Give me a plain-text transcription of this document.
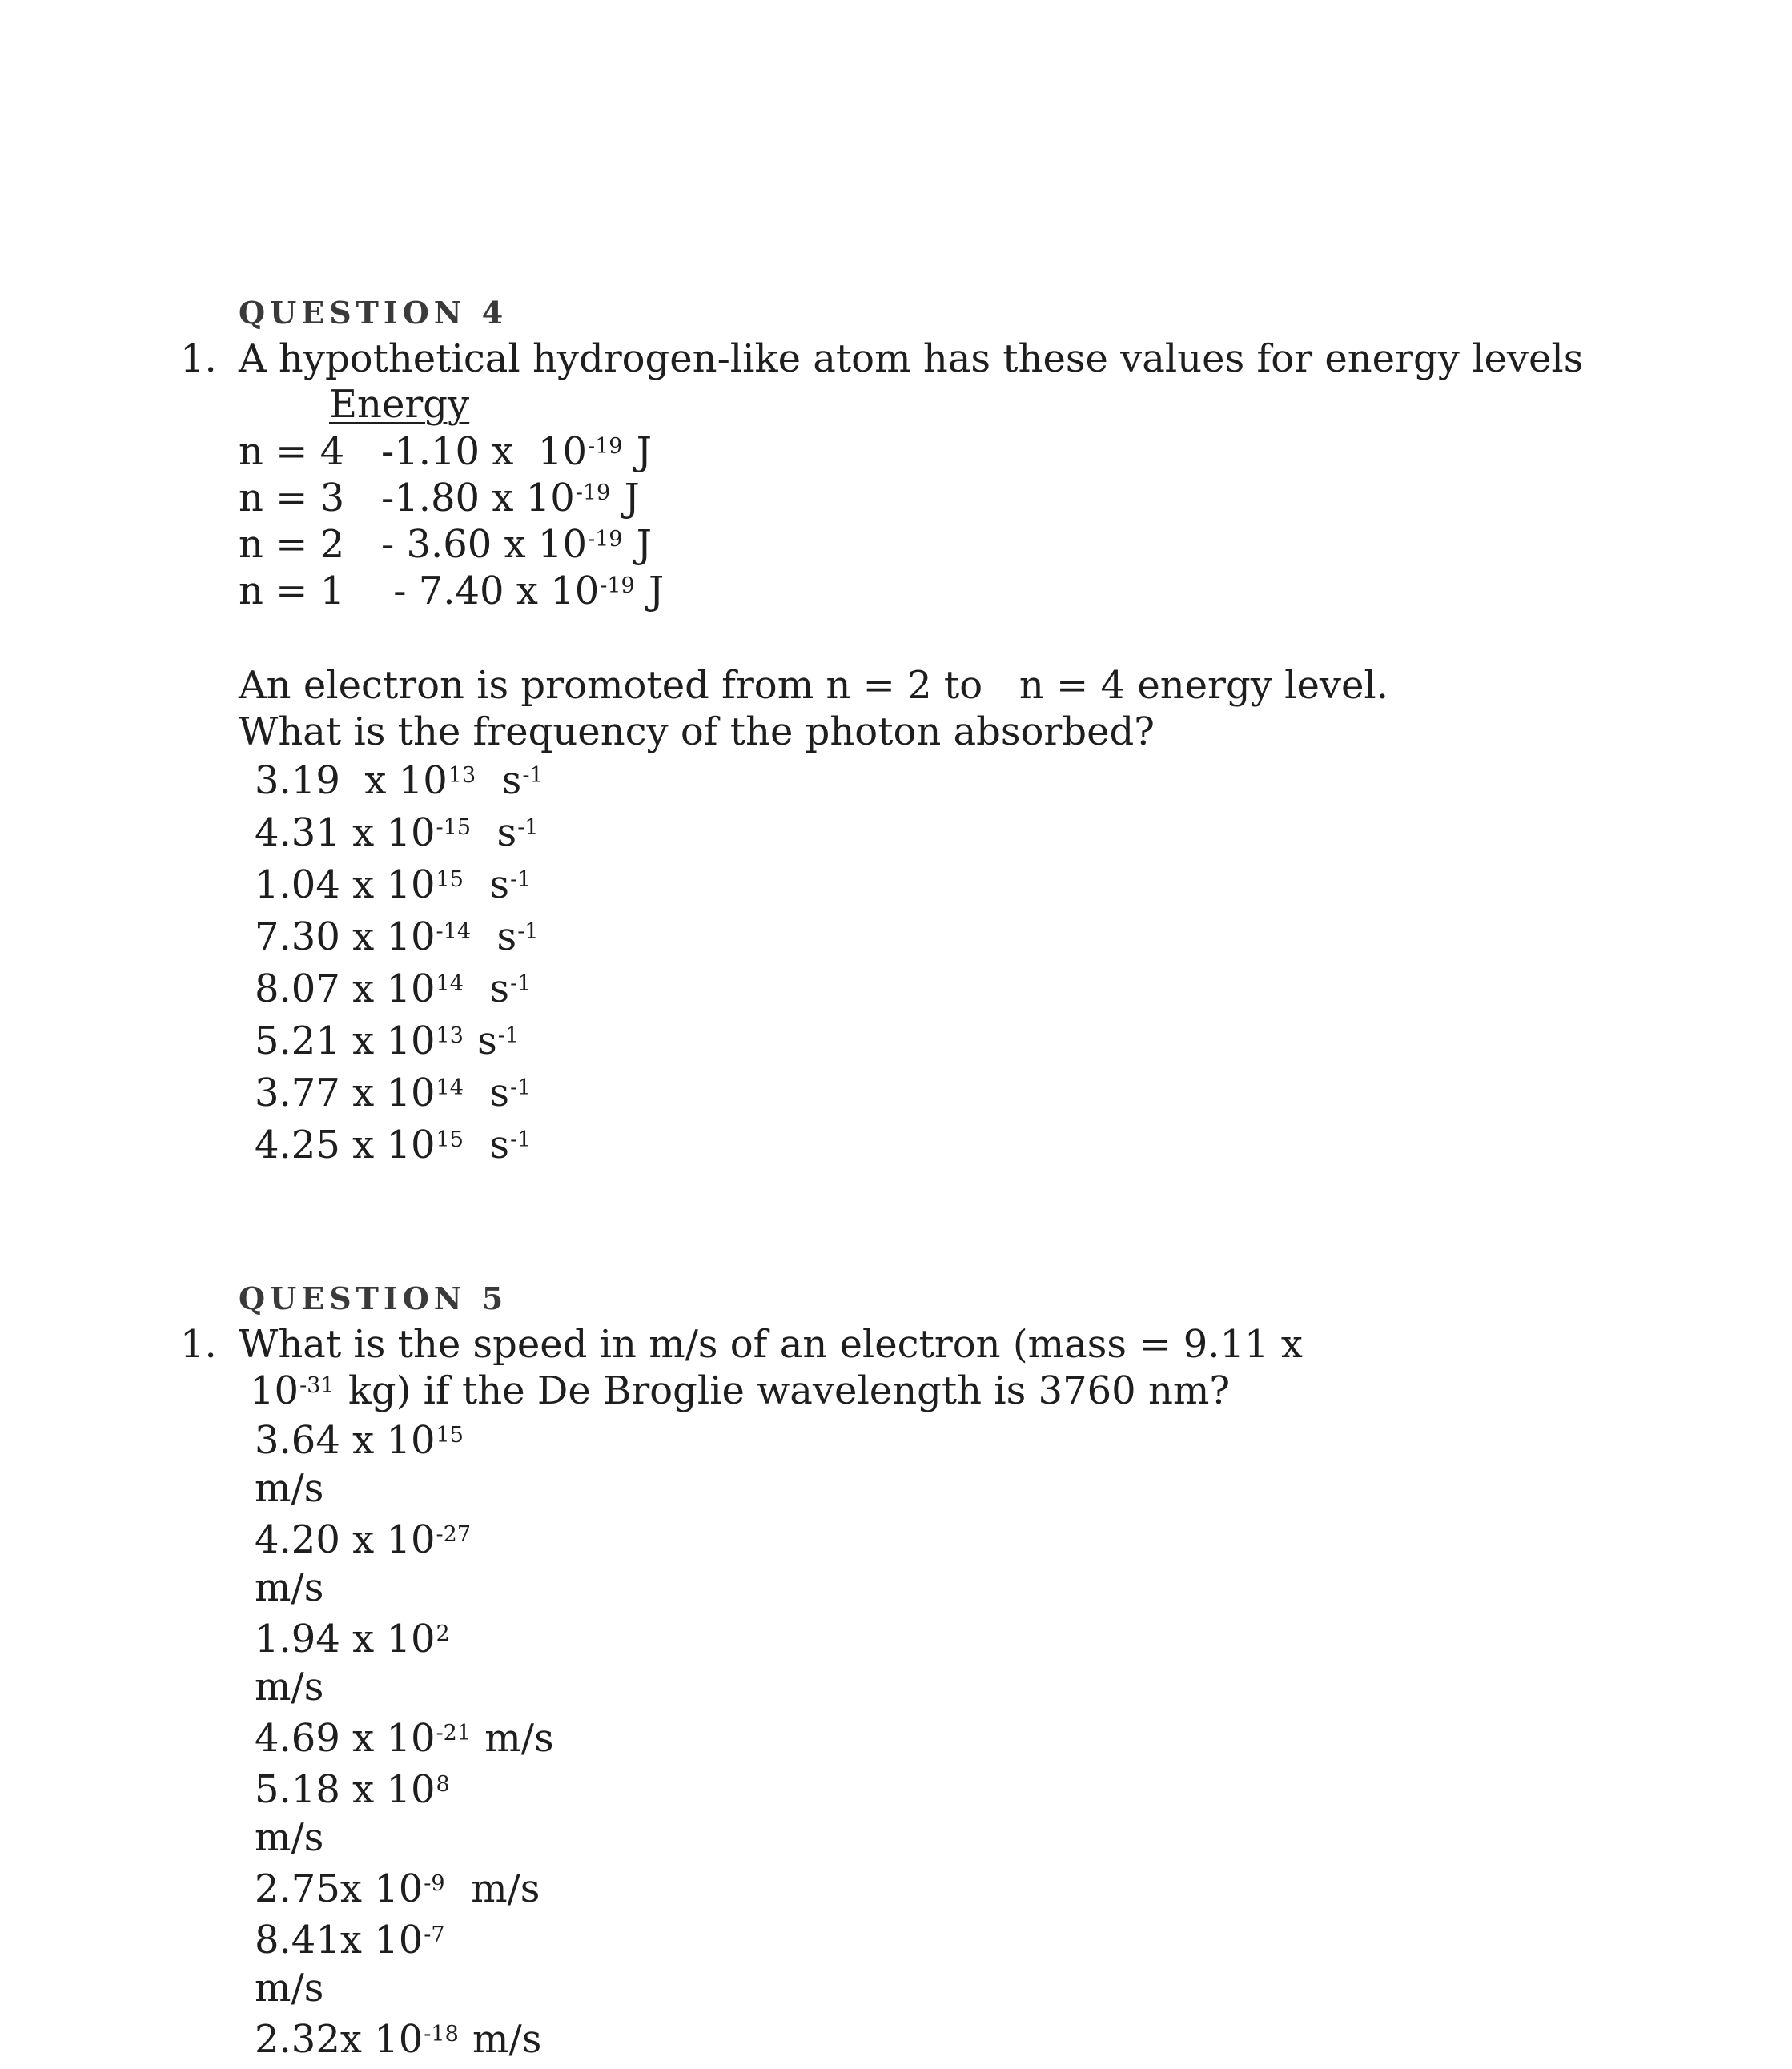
QUESTION 4
1. A hypothetical hydrogen-like atom has these values for energy levels
Energy
n = 4 -1.10 x  $10^{-19}$ J
n = 3 -1.80 x $10^{-19}$ J
n = 2 - 3.60 x $10^{-19}$ J
n = 1    - 7.40 x $10^{-19}$ J
An electron is promoted from n = 2 to   n = 4 energy level.
What is the frequency of the photon absorbed?
3.19  x $10^{13}$  $s^{-1}$
4.31 x $10^{-15}$  $s^{-1}$
1.04 x $10^{15}$  $s^{-1}$
7.30 x $10^{-14}$  $s^{-1}$
8.07 x $10^{14}$  $s^{-1}$
5.21 x $10^{13}$ $s^{-1}$
3.77 x $10^{14}$  $s^{-1}$
4.25 x $10^{15}$  $s^{-1}$
QUESTION 5
1. What is the speed in m/s of an electron (mass = 9.11 x
$10^{-31}$ kg) if the De Broglie wavelength is 3760 nm?
3.64 x $10^{15}$
m/s
4.20 x $10^{-27}$
m/s
1.94 x $10^2$
m/s
4.69 x $10^{-21}$ m/s
5.18 x $10^8$
m/s
2.75x $10^{-9}$  m/s
8.41x $10^{-7}$
m/s
2.32x $10^{-18}$ m/s
